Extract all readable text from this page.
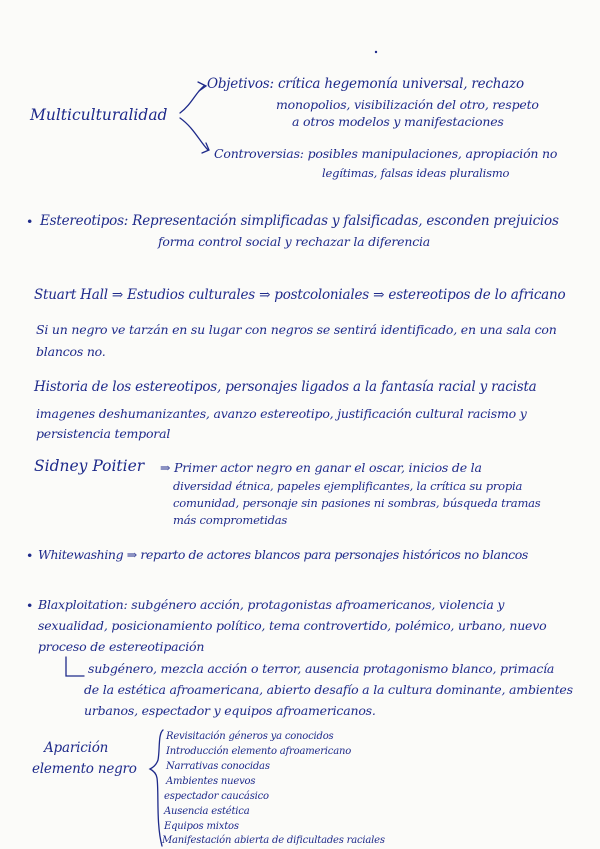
Multiculturalidad
Objetivos: crítica hegemonía universal, rechazo
monopolios, visibilización del otro, respeto
a otros modelos y manifestaciones
Controversias: posibles manipulaciones, apropiación no
legítimas, falsas ideas pluralismo
• Estereotipos: Representación simplificadas y falsificadas, esconden prejuicios
forma control social y rechazar la diferencia
Stuart Hall ⇒ Estudios culturales ⇒ postcoloniales ⇒ estereotipos de lo africano
Si un negro ve tarzán en su lugar con negros se sentirá identificado, en una sala con
blancos no.
Historia de los estereotipos, personajes ligados a la fantasía racial y racista
imagenes deshumanizantes, avanzo estereotipo, justificación cultural racismo y
persistencia temporal
Sidney Poitier ⇒ Primer actor negro en ganar el oscar, inicios de la
diversidad étnica, papeles ejemplificantes, la crítica su propia
comunidad, personaje sin pasiones ni sombras, búsqueda tramas
más comprometidas
• Whitewashing ⇒ reparto de actores blancos para personajes históricos no blancos
• Blaxploitation: subgénero acción, protagonistas afroamericanos, violencia y
sexualidad, posicionamiento político, tema controvertido, polémico, urbano, nuevo
proceso de estereotipación
subgénero, mezcla acción o terror, ausencia protagonismo blanco, primacía
de la estética afroamericana, abierto desafío a la cultura dominante, ambientes
urbanos, espectador y equipos afroamericanos.
Aparición
elemento negro
Revisitación géneros ya conocidos
Introducción elemento afroamericano
Narrativas conocidas
Ambientes nuevos
espectador caucásico
Ausencia estética
Equipos mixtos
Manifestación abierta de dificultades raciales
